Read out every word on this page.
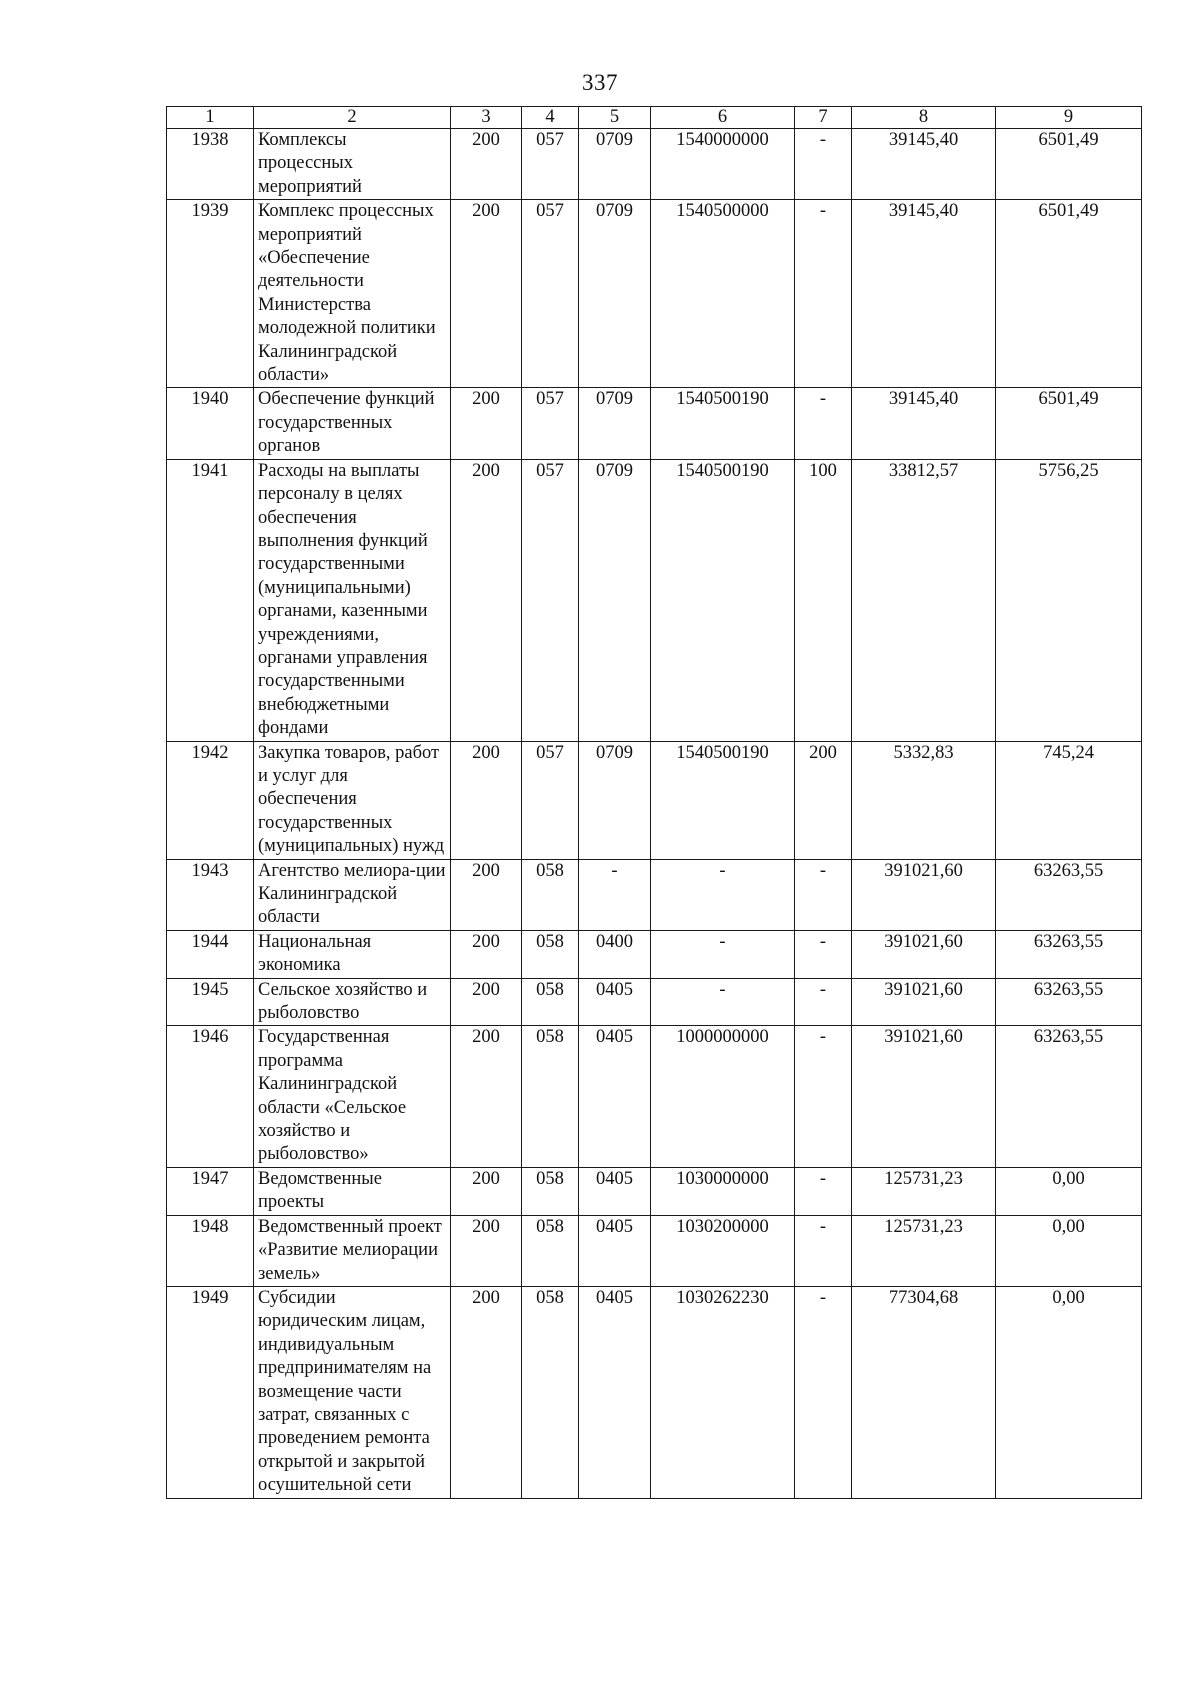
337
1	2	3	4	5	6	7	8	9
1938	Комплексы процессных мероприятий	200	057	0709	1540000000	-	39145,40	6501,49
1939	Комплекс процессных мероприятий «Обеспечение деятельности Министерства молодежной политики Калининградской области»	200	057	0709	1540500000	-	39145,40	6501,49
1940	Обеспечение функций государственных органов	200	057	0709	1540500190	-	39145,40	6501,49
1941	Расходы на выплаты персоналу в целях обеспечения выполнения функций государственными (муниципальными) органами, казенными учреждениями, органами управления государственными внебюджетными фондами	200	057	0709	1540500190	100	33812,57	5756,25
1942	Закупка товаров, работ и услуг для обеспечения государственных (муниципальных) нужд	200	057	0709	1540500190	200	5332,83	745,24
1943	Агентство мелиора-ции Калининградской области	200	058	-	-	-	391021,60	63263,55
1944	Национальная экономика	200	058	0400	-	-	391021,60	63263,55
1945	Сельское хозяйство и рыболовство	200	058	0405	-	-	391021,60	63263,55
1946	Государственная программа Калининградской области «Сельское хозяйство и рыболовство»	200	058	0405	1000000000	-	391021,60	63263,55
1947	Ведомственные проекты	200	058	0405	1030000000	-	125731,23	0,00
1948	Ведомственный проект «Развитие мелиорации земель»	200	058	0405	1030200000	-	125731,23	0,00
1949	Субсидии юридическим лицам, индивидуальным предпринимателям на возмещение части затрат, связанных с проведением ремонта открытой и закрытой осушительной сети	200	058	0405	1030262230	-	77304,68	0,00
